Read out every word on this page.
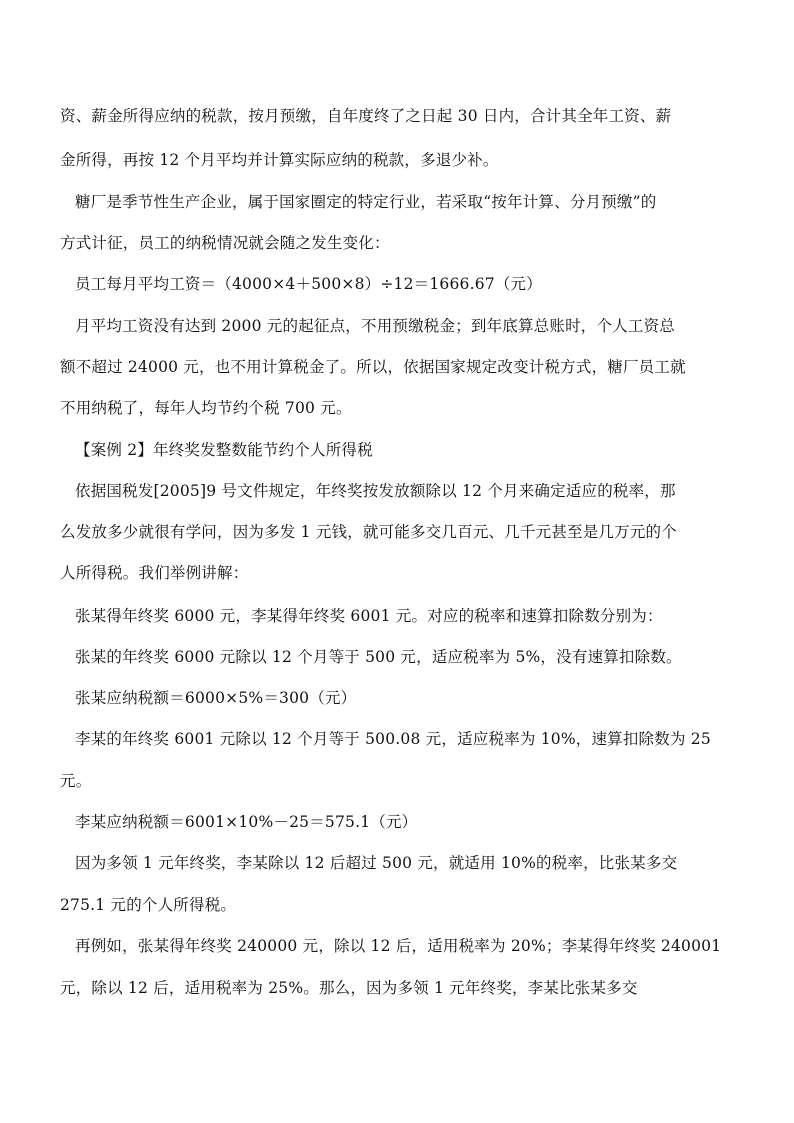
资、薪金所得应纳的税款，按月预缴，自年度终了之日起 30 日内，合计其全年工资、薪
金所得，再按 12 个月平均并计算实际应纳的税款，多退少补。
糖厂是季节性生产企业，属于国家圈定的特定行业，若采取“按年计算、分月预缴”的
方式计征，员工的纳税情况就会随之发生变化：
员工每月平均工资＝（4000×4＋500×8）÷12＝1666.67（元）
月平均工资没有达到 2000 元的起征点，不用预缴税金；到年底算总账时，个人工资总
额不超过 24000 元，也不用计算税金了。所以，依据国家规定改变计税方式，糖厂员工就
不用纳税了，每年人均节约个税 700 元。
【案例 2】年终奖发整数能节约个人所得税
依据国税发[2005]9 号文件规定，年终奖按发放额除以 12 个月来确定适应的税率，那
么发放多少就很有学问，因为多发 1 元钱，就可能多交几百元、几千元甚至是几万元的个
人所得税。我们举例讲解：
张某得年终奖 6000 元，李某得年终奖 6001 元。对应的税率和速算扣除数分别为：
张某的年终奖 6000 元除以 12 个月等于 500 元，适应税率为 5%，没有速算扣除数。
张某应纳税额＝6000×5%＝300（元）
李某的年终奖 6001 元除以 12 个月等于 500.08 元，适应税率为 10%，速算扣除数为 25
元。
李某应纳税额＝6001×10%－25＝575.1（元）
因为多领 1 元年终奖，李某除以 12 后超过 500 元，就适用 10%的税率，比张某多交
275.1 元的个人所得税。
再例如，张某得年终奖 240000 元，除以 12 后，适用税率为 20%；李某得年终奖 240001
元，除以 12 后，适用税率为 25%。那么，因为多领 1 元年终奖，李某比张某多交
